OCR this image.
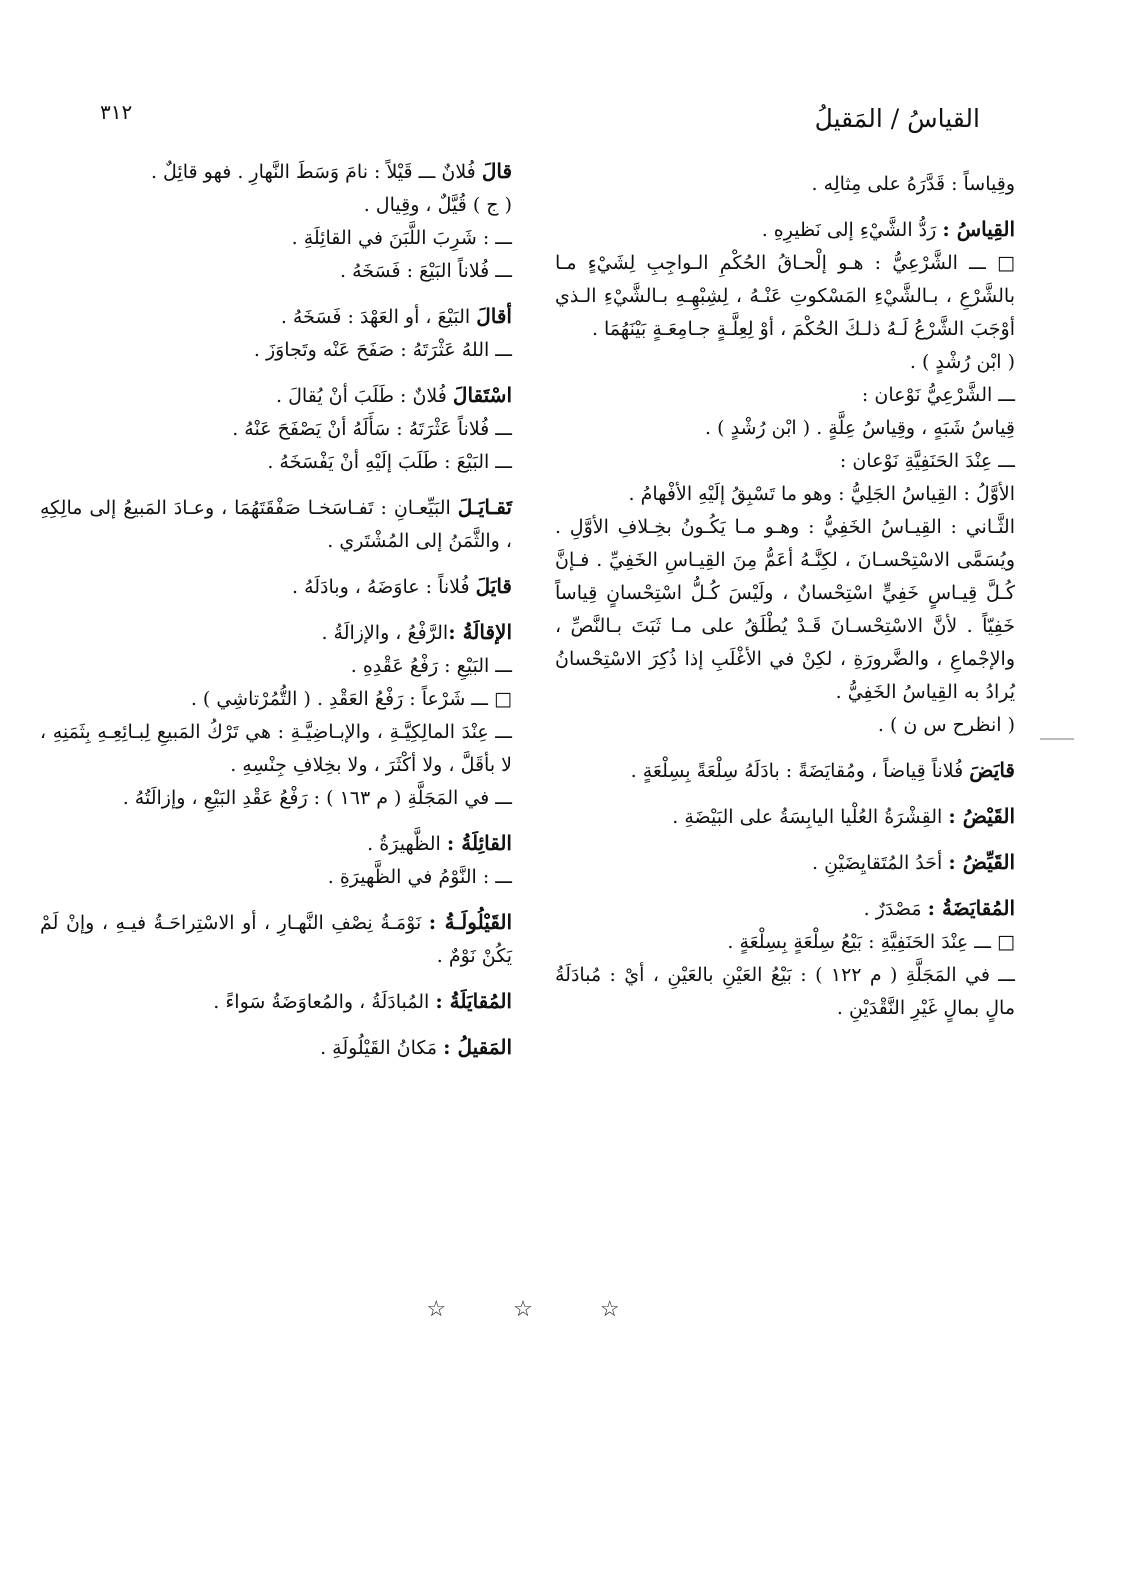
القياسُ / المَقيلُ
٣١٢
وقِياساً : قَدَّرَهُ على مِثالِه .
القِياسُ : رَدُّ الشَّيْءِ إلى نَظيرِهِ .
□ ـــ الشَّرْعِيُّ : هـو إلْحـاقُ الحُكْمِ الـواجِبِ لِشَيْءٍ مـا بالشَّرْعِ ، بـالشَّيْءِ المَسْكوتِ عَنْـهُ ، لِشِبْهِـهِ بـالشَّيْءِ الـذي أوْجَبَ الشَّرْعُ لَـهُ ذلـكَ الحُكْمَ ، أوْ لِعِلَّـةٍ جـامِعَـةٍ بَيْنَهُمَا .
( ابْن رُشْدٍ ) .
ـــ الشَّرْعِيُّ نَوْعان :
قِياسُ شَبَهٍ ، وقِياسُ عِلَّةٍ . ( ابْن رُشْدٍ ) .
ـــ عِنْدَ الحَنَفِيَّةِ نَوْعان :
الأوَّلُ : القِياسُ الجَلِيُّ : وهو ما تَسْبِقُ إلَيْهِ الأفْهامُ .
الثَّـاني : القِيـاسُ الخَفِيُّ : وهـو مـا يَكُـونُ بخِـلافِ الأوَّلِ . ويُسَمَّى الاسْتِحْسـانَ ، لكِنَّـهُ أعَمُّ مِنَ القِيـاسِ الخَفِيِّ . فـإنَّ كُـلَّ قِيـاسٍ خَفِيٍّ اسْتِحْسانٌ ، ولَيْسَ كُـلُّ اسْتِحْسانٍ قِياساً خَفِيّاً . لأنَّ الاسْتِحْسـانَ قَـدْ يُطْلَقُ على مـا ثَبَتَ بـالنَّصِّ ، والإجْماعِ ، والضَّرورَةِ ، لكِنْ في الأغْلَبِ إذا ذُكِرَ الاسْتِحْسانُ يُرادُ به القِياسُ الخَفِيُّ .
( انظرح س ن ) .
قايَضَ فُلاناً قِياضاً ، ومُقايَضَةً : بادَلَهُ سِلْعَةً بِسِلْعَةٍ .
القَيْضُ : القِشْرَةُ العُلْيا اليابِسَةُ على البَيْضَةِ .
القَيِّضُ : أحَدُ المُتَقايِضَيْنِ .
المُقايَضَةُ : مَصْدَرٌ .
□ ـــ عِنْدَ الحَنَفِيَّةِ : بَيْعُ سِلْعَةٍ بِسِلْعَةٍ .
ـــ في المَجَلَّةِ ( م ١٢٢ ) : بَيْعُ العَيْنِ بالعَيْنِ ، أيْ : مُبادَلَةُ مالٍ بمالٍ غَيْرِ النَّقْدَيْنِ .
قالَ فُلانٌ ـــ قَيْلاً : نامَ وَسَطَ النَّهارِ . فهو قائِلٌ .
( ج ) قُيَّلٌ ، وقِيال .
ـــ : شَرِبَ اللَّبَنَ في القائِلَةِ .
ـــ فُلاناً البَيْعَ : فَسَخَهُ .
أقالَ البَيْعَ ، أو العَهْدَ : فَسَخَهُ .
ـــ اللهُ عَثْرَتَهُ : صَفَحَ عَنْه وتَجاوَزَ .
اسْتَقالَ فُلانٌ : طَلَبَ أنْ يُقالَ .
ـــ فُلاناً عَثْرَتَهُ : سَأَلَهُ أنْ يَصْفَحَ عَنْهُ .
ـــ البَيْعَ : طَلَبَ إلَيْهِ أنْ يَفْسَخَهُ .
تَقـايَـلَ البَيِّعـانِ : تَفـاسَخـا صَفْقَتَهُمَا ، وعـادَ المَبيعُ إلى مالِكِهِ ، والثَّمَنُ إلى المُشْتَري .
قايَلَ فُلاناً : عاوَضَهُ ، وبادَلَهُ .
الإقالَةُ :الرَّفْعُ ، والإزالَةُ .
ـــ البَيْعِ : رَفْعُ عَقْدِهِ .
□ ـــ شَرْعاً : رَفْعُ العَقْدِ . ( التُّمُرْتاشِي ) .
ـــ عِنْدَ المالِكِيَّـةِ ، والإبـاضِيَّـةِ : هي تَرْكُ المَبيعِ لِبـائِعِـهِ بِثَمَنِهِ ، لا بأقَلَّ ، ولا أكْثَرَ ، ولا بخِلافِ جِنْسِهِ .
ـــ في المَجَلَّةِ ( م ١٦٣ ) : رَفْعُ عَقْدِ البَيْعِ ، وإزالَتُهُ .
القائِلَةُ : الظَّهيرَةُ .
ـــ : النَّوْمُ في الظَّهيرَةِ .
القَيْلُولَـةُ : نَوْمَـةُ نِصْفِ النَّهـارِ ، أو الاسْتِراحَـةُ فيـهِ ، وإنْ لَمْ يَكُنْ نَوْمٌ .
المُقايَلَةُ : المُبادَلَةُ ، والمُعاوَضَةُ سَواءً .
المَقيلُ : مَكانُ القَيْلُولَةِ .
☆ ☆ ☆
